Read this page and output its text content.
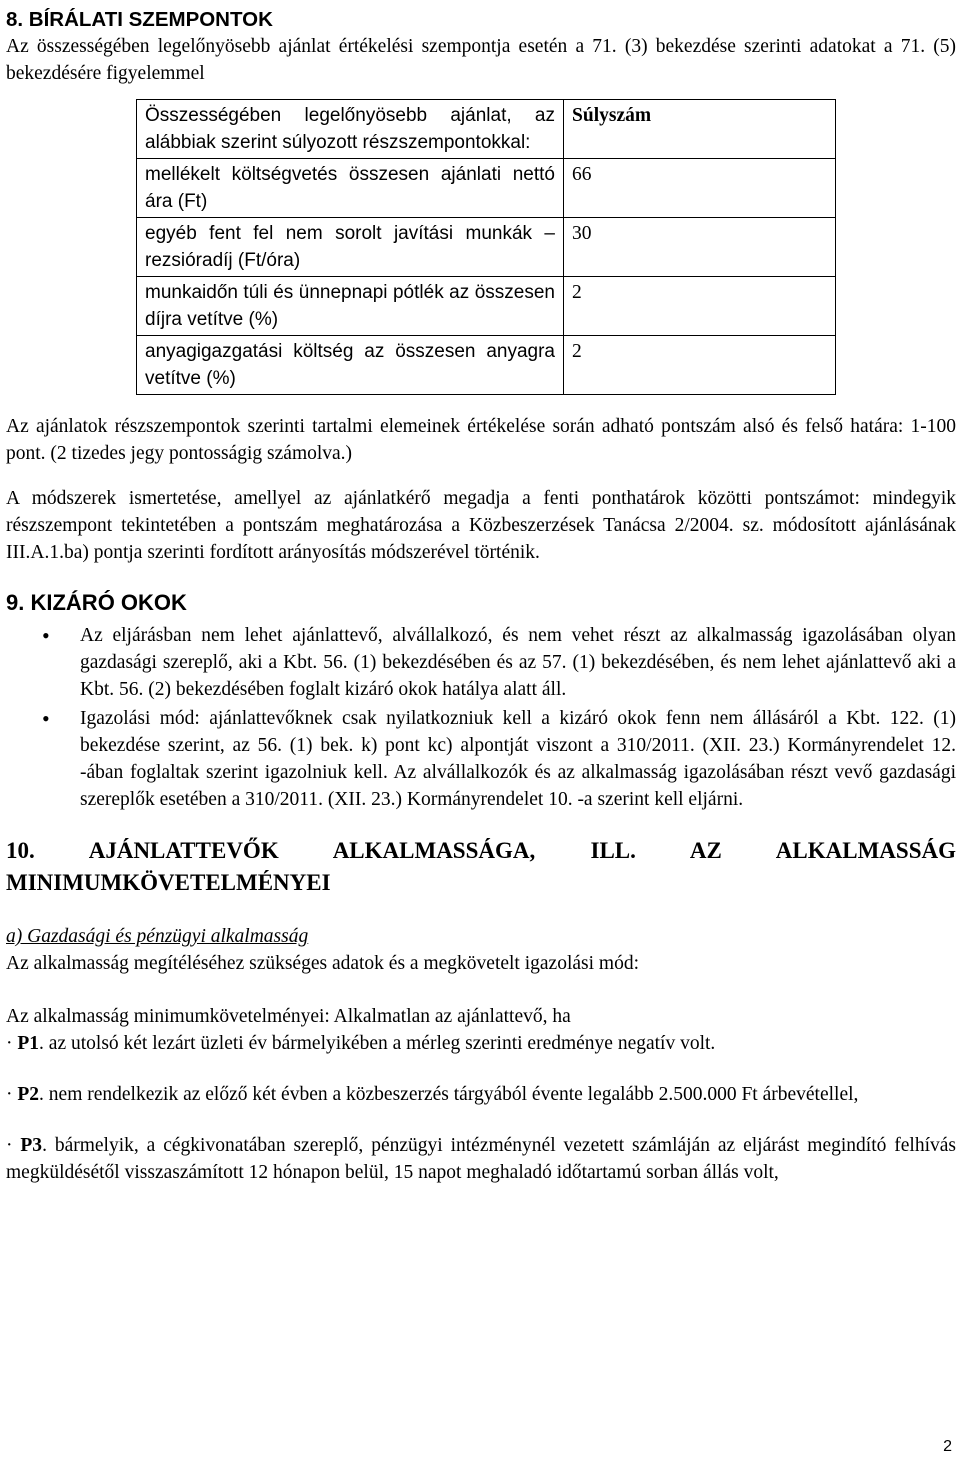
8. BÍRÁLATI SZEMPONTOK

Az összességében legelőnyösebb ajánlat értékelési szempontja esetén a 71. (3) bekezdése szerinti adatokat a 71. (5) bekezdésére figyelemmel

Összességében legelőnyösebb ajánlat, az alábbiak szerint súlyozott részszempontokkal:	Súlyszám
mellékelt költségvetés összesen ajánlati nettó ára (Ft)	66
egyéb fent fel nem sorolt javítási munkák – rezsióradíj (Ft/óra)	30
munkaidőn túli és ünnepnapi pótlék az összesen díjra vetítve (%)	2
anyagigazgatási költség az összesen anyagra vetítve (%)	2

Az ajánlatok részszempontok szerinti tartalmi elemeinek értékelése során adható pontszám alsó és felső határa: 1-100 pont. (2 tizedes jegy pontosságig számolva.)

A módszerek ismertetése, amellyel az ajánlatkérő megadja a fenti ponthatárok közötti pontszámot: mindegyik részszempont tekintetében a pontszám meghatározása a Közbeszerzések Tanácsa 2/2004. sz. módosított ajánlásának III.A.1.ba) pontja szerinti fordított arányosítás módszerével történik.

9. KIZÁRÓ OKOK
• Az eljárásban nem lehet ajánlattevő, alvállalkozó, és nem vehet részt az alkalmasság igazolásában olyan gazdasági szereplő, aki a Kbt. 56. (1) bekezdésében és az 57. (1) bekezdésében, és nem lehet ajánlattevő aki a Kbt. 56. (2) bekezdésében foglalt kizáró okok hatálya alatt áll.
• Igazolási mód: ajánlattevőknek csak nyilatkozniuk kell a kizáró okok fenn nem állásáról a Kbt. 122. (1) bekezdése szerint, az 56. (1) bek. k) pont kc) alpontját viszont a 310/2011. (XII. 23.) Kormányrendelet 12. -ában foglaltak szerint igazolniuk kell. Az alvállalkozók és az alkalmasság igazolásában részt vevő gazdasági szereplők esetében a 310/2011. (XII. 23.) Kormányrendelet 10. -a szerint kell eljárni.

10. AJÁNLATTEVŐK ALKALMASSÁGA, ILL. AZ ALKALMASSÁG MINIMUMKÖVETELMÉNYEI

a) Gazdasági és pénzügyi alkalmasság

Az alkalmasság megítéléséhez szükséges adatok és a megkövetelt igazolási mód:

Az alkalmasság minimumkövetelményei: Alkalmatlan az ajánlattevő, ha

· P1. az utolsó két lezárt üzleti év bármelyikében a mérleg szerinti eredménye negatív volt.

· P2. nem rendelkezik az előző két évben a közbeszerzés tárgyából évente legalább 2.500.000 Ft árbevétellel,

· P3. bármelyik, a cégkivonatában szereplő, pénzügyi intézménynél vezetett számláján az eljárást megindító felhívás megküldésétől visszaszámított 12 hónapon belül, 15 napot meghaladó időtartamú sorban állás volt,

2
